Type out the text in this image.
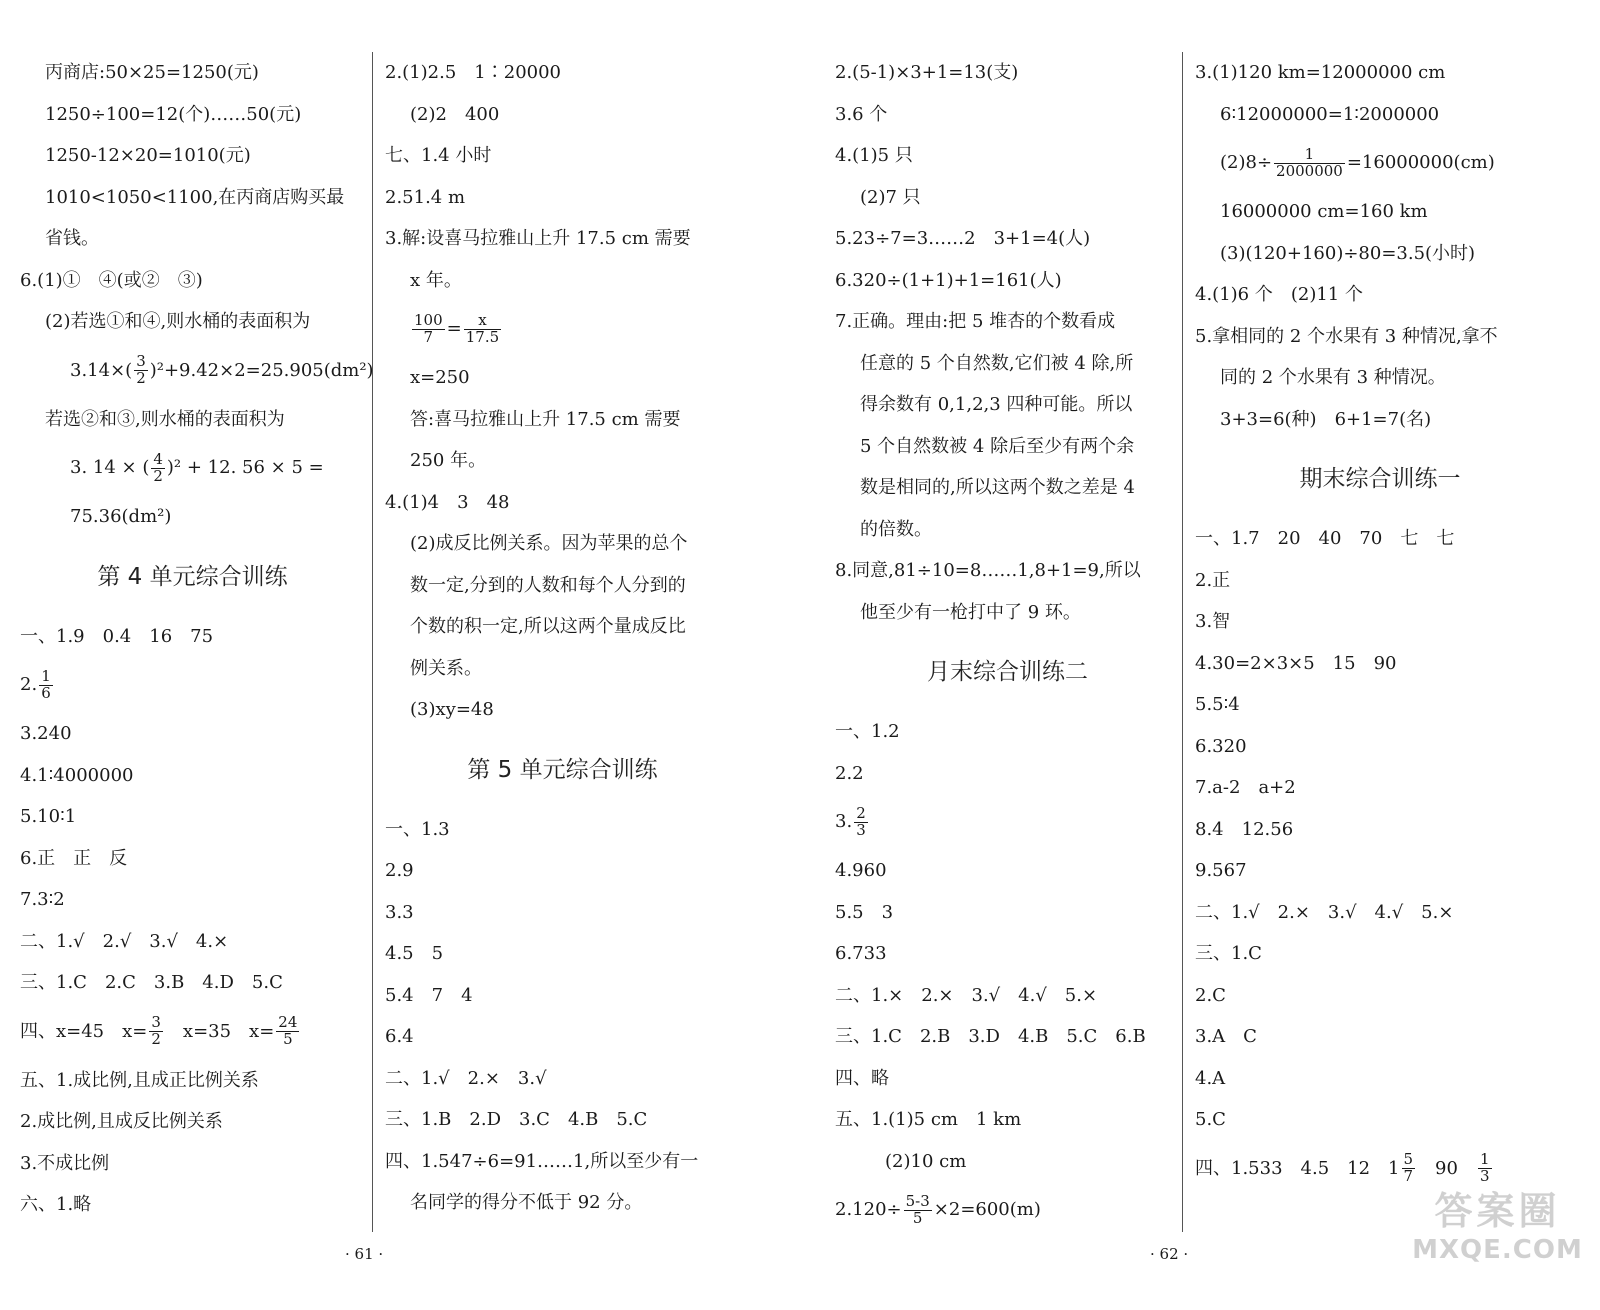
丙商店:50×25=1250(元)
1250÷100=12(个)……50(元)
1250-12×20=1010(元)
1010<1050<1100,在丙商店购买最
省钱。
6.(1)①　④(或②　③)
(2)若选①和④,则水桶的表面积为
$3.14\times( \frac{3}{2} )^2+9.42\times 2=25.905(dm^2)$
若选②和③,则水桶的表面积为
3. 14 × ( $\frac{4}{2} )^2 + 12$. 56 × 5 =
75.36(dm²)
第 4 单元综合训练
一、1.9　0.4　16　75
2. $\frac{1}{6}$
3.240
4.1∶4000000
5.10∶1
6.正　正　反
7.3∶2
二、1.√　2.√　3.√　4.×
三、1.C　2.C　3.B　4.D　5.C
四、x=45　$x= \frac{3}{2}$ 　x=35　$x= \frac{24}{5}$
五、1.成比例,且成正比例关系
2.成比例,且成反比例关系
3.不成比例
六、1.略
2.(1)2.5　1∶20000
(2)2　400
七、1.4 小时
2.51.4 m
3.解:设喜马拉雅山上升 17.5 cm 需要
x 年。
$\frac{100}{7} = \frac{x}{17.5}$
x=250
答:喜马拉雅山上升 17.5 cm 需要
250 年。
4.(1)4　3　48
(2)成反比例关系。因为苹果的总个
数一定,分到的人数和每个人分到的
个数的积一定,所以这两个量成反比
例关系。
(3)xy=48
第 5 单元综合训练
一、1.3
2.9
3.3
4.5　5
5.4　7　4
6.4
二、1.√　2.×　3.√
三、1.B　2.D　3.C　4.B　5.C
四、1.547÷6=91……1,所以至少有一
名同学的得分不低于 92 分。
2.(5-1)×3+1=13(支)
3.6 个
4.(1)5 只
(2)7 只
5.23÷7=3……2　3+1=4(人)
6.320÷(1+1)+1=161(人)
7.正确。理由:把 5 堆杏的个数看成
任意的 5 个自然数,它们被 4 除,所
得余数有 0,1,2,3 四种可能。所以
5 个自然数被 4 除后至少有两个余
数是相同的,所以这两个数之差是 4
的倍数。
8.同意,81÷10=8……1,8+1=9,所以
他至少有一枪打中了 9 环。
月末综合训练二
一、1.2
2.2
3. $\frac{2}{3}$
4.960
5.5　3
6.733
二、1.×　2.×　3.√　4.√　5.×
三、1.C　2.B　3.D　4.B　5.C　6.B
四、略
五、1.(1)5 cm　1 km
(2)10 cm
$2.120\div \frac{5-3}{5} \times 2=600(m)$
3.(1)120 km=12000000 cm
6∶12000000=1∶2000000
$(2)8\div \frac{1}{2000000} =16000000(cm)$
16000000 cm=160 km
(3)(120+160)÷80=3.5(小时)
4.(1)6 个　(2)11 个
5.拿相同的 2 个水果有 3 种情况,拿不
同的 2 个水果有 3 种情况。
3+3=6(种)　6+1=7(名)
期末综合训练一
一、1.7　20　40　70　七　七
2.正
3.智
4.30=2×3×5　15　90
5.5∶4
6.320
7.a-2　a+2
8.4　12.56
9.567
二、1.√　2.×　3.√　4.√　5.×
三、1.C
2.C
3.A　C
4.A
5.C
四、1.533　4.5　12　$1 \frac{5}{7}$ 　90　 $\frac{1}{3}$
· 61 ·	· 62 ·
答案圈
MXQE.COM
